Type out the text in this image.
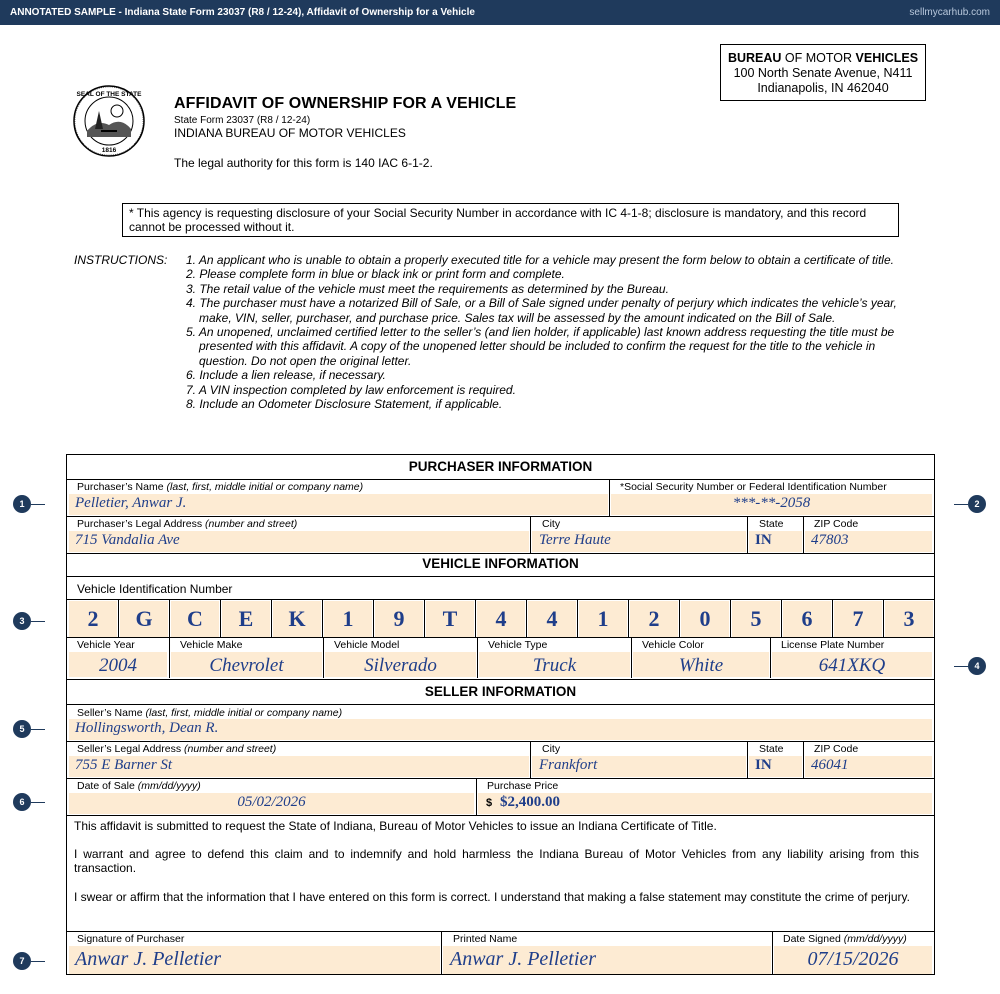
ANNOTATED SAMPLE - Indiana State Form 23037 (R8 / 12-24), Affidavit of Ownership for a Vehicle	sellmycarhub.com
SEAL OF THE STATE
1816
AFFIDAVIT OF OWNERSHIP FOR A VEHICLE
State Form 23037 (R8 / 12-24)
INDIANA BUREAU OF MOTOR VEHICLES
The legal authority for this form is 140 IAC 6-1-2.
BUREAU OF MOTOR VEHICLES
100 North Senate Avenue, N411
Indianapolis, IN 462040
* This agency is requesting disclosure of your Social Security Number in accordance with IC 4-1-8; disclosure is mandatory, and this record cannot be processed without it.
INSTRUCTIONS: 1. An applicant who is unable to obtain a properly executed title for a vehicle may present the form below to obtain a certificate of title.
2. Please complete form in blue or black ink or print form and complete.
3. The retail value of the vehicle must meet the requirements as determined by the Bureau.
4. The purchaser must have a notarized Bill of Sale, or a Bill of Sale signed under penalty of perjury which indicates the vehicle’s year, make, VIN, seller, purchaser, and purchase price. Sales tax will be assessed by the amount indicated on the Bill of Sale.
5. An unopened, unclaimed certified letter to the seller’s (and lien holder, if applicable) last known address requesting the title must be presented with this affidavit. A copy of the unopened letter should be included to confirm the request for the title to the vehicle in question. Do not open the original letter.
6. Include a lien release, if necessary.
7. A VIN inspection completed by law enforcement is required.
8. Include an Odometer Disclosure Statement, if applicable.
PURCHASER INFORMATION
Purchaser’s Name (last, first, middle initial or company name)
Pelletier, Anwar J.
*Social Security Number or Federal Identification Number
***-**-2058
Purchaser’s Legal Address (number and street)
715 Vandalia Ave
City
Terre Haute
State
IN
ZIP Code
47803
VEHICLE INFORMATION
Vehicle Identification Number
2	G	C	E	K	1	9	T	4	4	1	2	0	5	6	7	3
Vehicle Year
2004
Vehicle Make
Chevrolet
Vehicle Model
Silverado
Vehicle Type
Truck
Vehicle Color
White
License Plate Number
641XKQ
SELLER INFORMATION
Seller’s Name (last, first, middle initial or company name)
Hollingsworth, Dean R.
Seller’s Legal Address (number and street)
755 E Barner St
City
Frankfort
State
IN
ZIP Code
46041
Date of Sale (mm/dd/yyyy)
05/02/2026
Purchase Price
$ $2,400.00
This affidavit is submitted to request the State of Indiana, Bureau of Motor Vehicles to issue an Indiana Certificate of Title.
I warrant and agree to defend this claim and to indemnify and hold harmless the Indiana Bureau of Motor Vehicles from any liability arising from this transaction.
I swear or affirm that the information that I have entered on this form is correct. I understand that making a false statement may constitute the crime of perjury.
Signature of Purchaser
Anwar J. Pelletier
Printed Name
Anwar J. Pelletier
Date Signed (mm/dd/yyyy)
07/15/2026
1	2
3
4
5
6
7
